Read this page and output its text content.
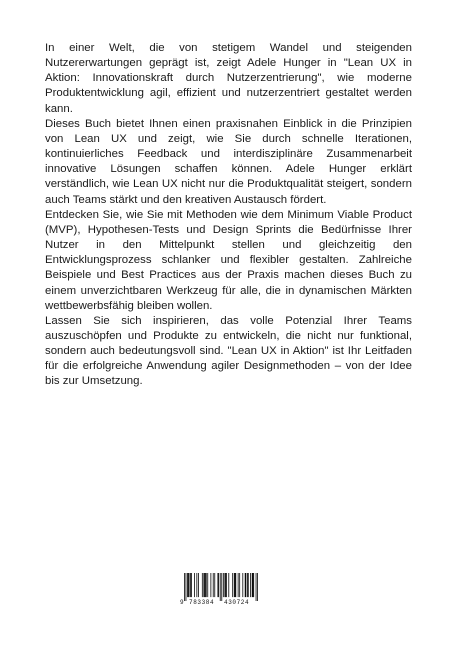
In einer Welt, die von stetigem Wandel und steigenden Nutzererwartungen geprägt ist, zeigt Adele Hunger in "Lean UX in Aktion: Innovationskraft durch Nutzerzentrierung", wie moderne Produktentwicklung agil, effizient und nutzerzentriert gestaltet werden kann.

Dieses Buch bietet Ihnen einen praxisnahen Einblick in die Prinzipien von Lean UX und zeigt, wie Sie durch schnelle Iterationen, kontinuierliches Feedback und interdisziplinäre Zusammenarbeit innovative Lösungen schaffen können. Adele Hunger erklärt verständlich, wie Lean UX nicht nur die Produktqualität steigert, sondern auch Teams stärkt und den kreativen Austausch fördert.

Entdecken Sie, wie Sie mit Methoden wie dem Minimum Viable Product (MVP), Hypothesen-Tests und Design Sprints die Bedürfnisse Ihrer Nutzer in den Mittelpunkt stellen und gleichzeitig den Entwicklungsprozess schlanker und flexibler gestalten. Zahlreiche Beispiele und Best Practices aus der Praxis machen dieses Buch zu einem unverzichtbaren Werkzeug für alle, die in dynamischen Märkten wettbewerbsfähig bleiben wollen.

Lassen Sie sich inspirieren, das volle Potenzial Ihrer Teams auszuschöpfen und Produkte zu entwickeln, die nicht nur funktional, sondern auch bedeutungsvoll sind. "Lean UX in Aktion" ist Ihr Leitfaden für die erfolgreiche Anwendung agiler Designmethoden – von der Idee bis zur Umsetzung.

9 783384 430724
